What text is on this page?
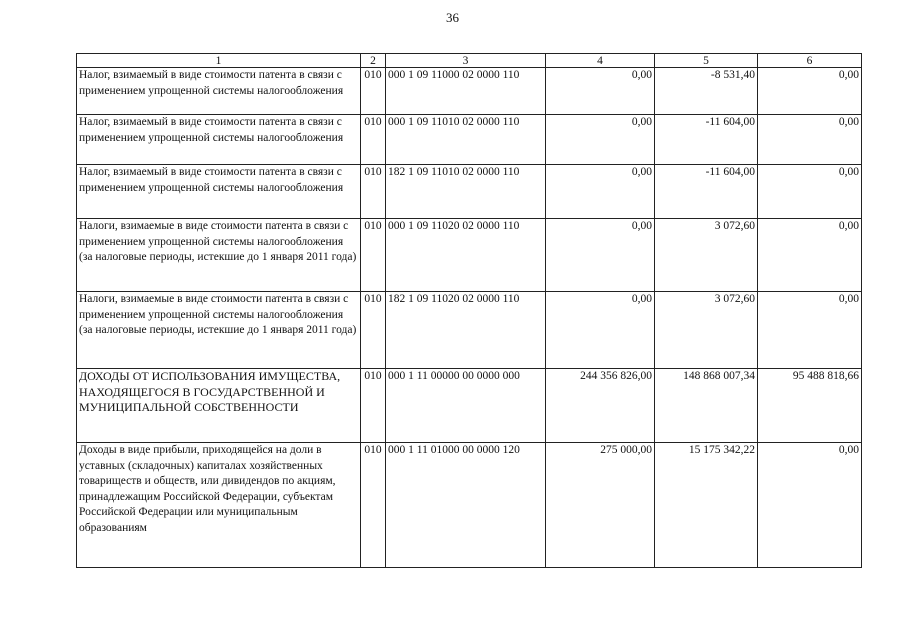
36
1	2	3	4	5	6
Налог, взимаемый в виде стоимости патента в связи с применением упрощенной системы налогообложения	010	000 1 09 11000 02 0000 110	0,00	-8 531,40	0,00
Налог, взимаемый в виде стоимости патента в связи с применением упрощенной системы налогообложения	010	000 1 09 11010 02 0000 110	0,00	-11 604,00	0,00
Налог, взимаемый в виде стоимости патента в связи с применением упрощенной системы налогообложения	010	182 1 09 11010 02 0000 110	0,00	-11 604,00	0,00
Налоги, взимаемые в виде стоимости патента в связи с применением упрощенной системы налогообложения (за налоговые периоды, истекшие до 1 января 2011 года)	010	000 1 09 11020 02 0000 110	0,00	3 072,60	0,00
Налоги, взимаемые в виде стоимости патента в связи с применением упрощенной системы налогообложения (за налоговые периоды, истекшие до 1 января 2011 года)	010	182 1 09 11020 02 0000 110	0,00	3 072,60	0,00
ДОХОДЫ ОТ ИСПОЛЬЗОВАНИЯ ИМУЩЕСТВА, НАХОДЯЩЕГОСЯ В ГОСУДАРСТВЕННОЙ И МУНИЦИПАЛЬНОЙ СОБСТВЕННОСТИ	010	000 1 11 00000 00 0000 000	244 356 826,00	148 868 007,34	95 488 818,66
Доходы в виде прибыли, приходящейся на доли в уставных (складочных) капиталах хозяйственных товариществ и обществ, или дивидендов по акциям, принадлежащим Российской Федерации, субъектам Российской Федерации или муниципальным образованиям	010	000 1 11 01000 00 0000 120	275 000,00	15 175 342,22	0,00
